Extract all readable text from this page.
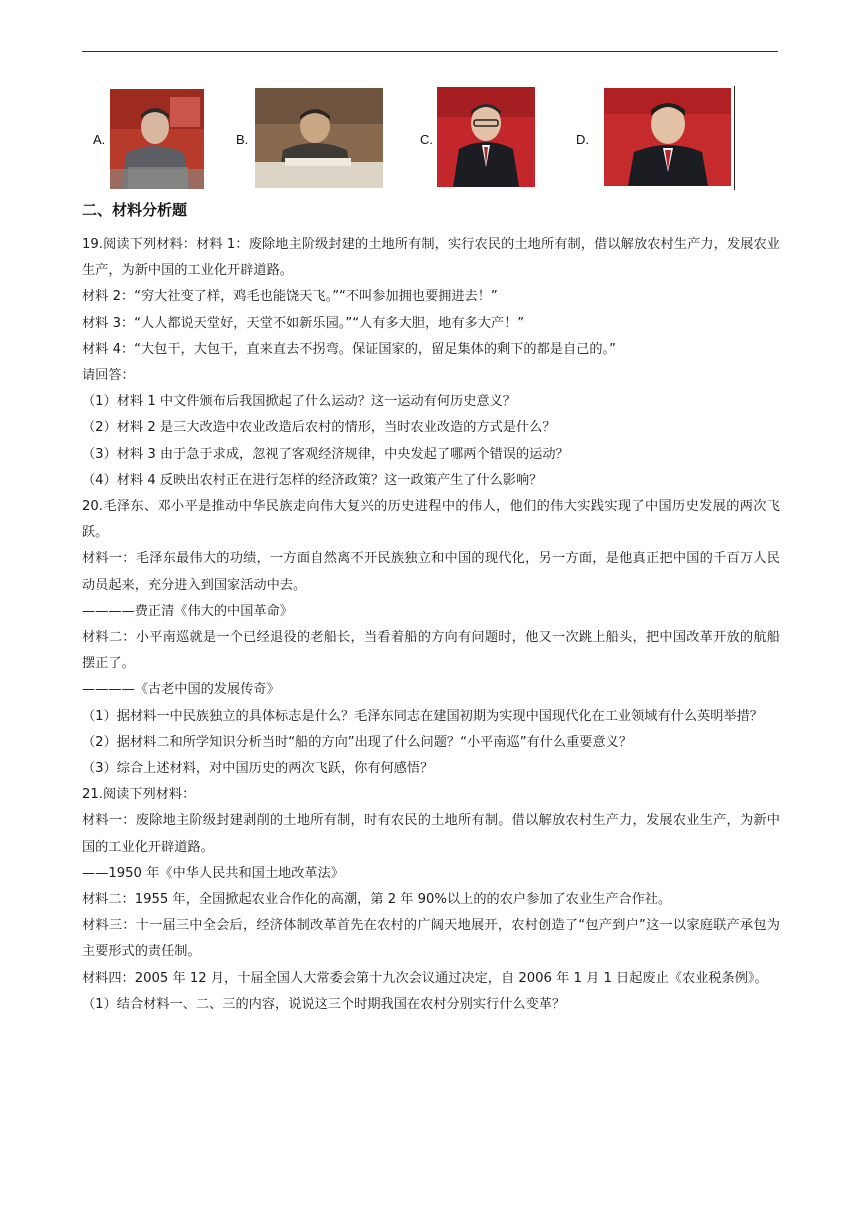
A.	B.	C.	D.
二、材料分析题

19.阅读下列材料：材料 1：废除地主阶级封建的土地所有制，实行农民的土地所有制，借以解放农村生产力，发展农业生产，为新中国的工业化开辟道路。

材料 2：“穷大社变了样，鸡毛也能饶天飞。”“不叫参加拥也要拥进去！”

材料 3：“人人都说天堂好，天堂不如新乐园。”“人有多大胆，地有多大产！”

材料 4：“大包干，大包干，直来直去不拐弯。保证国家的，留足集体的剩下的都是自己的。”

请回答：

（1）材料 1 中文件颁布后我国掀起了什么运动？这一运动有何历史意义？

（2）材料 2 是三大改造中农业改造后农村的情形，当时农业改造的方式是什么？

（3）材料 3 由于急于求成，忽视了客观经济规律，中央发起了哪两个错误的运动？

（4）材料 4 反映出农村正在进行怎样的经济政策？这一政策产生了什么影响？

20.毛泽东、邓小平是推动中华民族走向伟大复兴的历史进程中的伟人，他们的伟大实践实现了中国历史发展的两次飞跃。

材料一：毛泽东最伟大的功绩，一方面自然离不开民族独立和中国的现代化，另一方面，是他真正把中国的千百万人民动员起来，充分进入到国家活动中去。

————费正清《伟大的中国革命》

材料二：小平南巡就是一个已经退役的老船长，当看着船的方向有问题时，他又一次跳上船头，把中国改革开放的航船摆正了。

————《古老中国的发展传奇》

（1）据材料一中民族独立的具体标志是什么？毛泽东同志在建国初期为实现中国现代化在工业领域有什么英明举措？

（2）据材料二和所学知识分析当时“船的方向”出现了什么问题？“小平南巡”有什么重要意义？

（3）综合上述材料，对中国历史的两次飞跃，你有何感悟？

21.阅读下列材料：

材料一：废除地主阶级封建剥削的土地所有制，时有农民的土地所有制。借以解放农村生产力，发展农业生产，为新中国的工业化开辟道路。

——1950 年《中华人民共和国土地改革法》

材料二：1955 年，全国掀起农业合作化的高潮，第 2 年 90%以上的的农户参加了农业生产合作社。

材料三：十一届三中全会后，经济体制改革首先在农村的广阔天地展开，农村创造了“包产到户”这一以家庭联产承包为主要形式的责任制。

材料四：2005 年 12 月，十届全国人大常委会第十九次会议通过决定，自 2006 年 1 月 1 日起废止《农业税条例》。

（1）结合材料一、二、三的内容，说说这三个时期我国在农村分别实行什么变革？
